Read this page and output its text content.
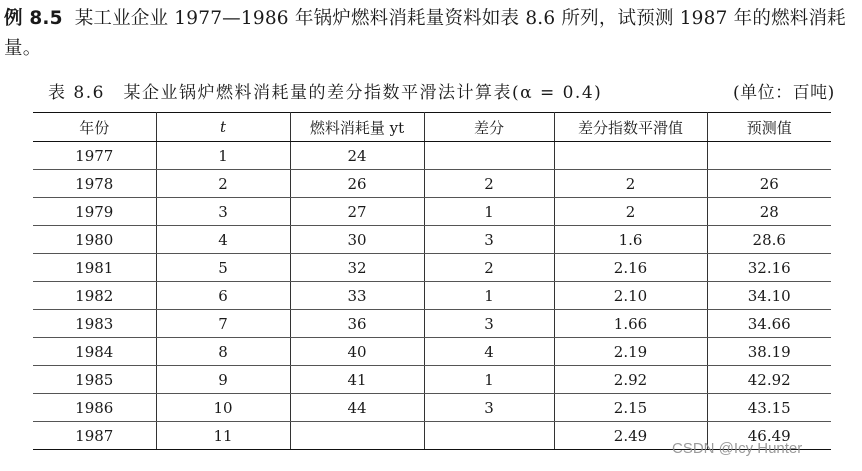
例 8.5 某工业企业 1977—1986 年锅炉燃料消耗量资料如表 8.6 所列，试预测 1987 年的燃料消耗量。
表 8.6　某企业锅炉燃料消耗量的差分指数平滑法计算表(α = 0.4)	(单位：百吨)
年份	t	燃料消耗量 yt	差分	差分指数平滑值	预测值
1977	1	24			
1978	2	26	2	2	26
1979	3	27	1	2	28
1980	4	30	3	1.6	28.6
1981	5	32	2	2.16	32.16
1982	6	33	1	2.10	34.10
1983	7	36	3	1.66	34.66
1984	8	40	4	2.19	38.19
1985	9	41	1	2.92	42.92
1986	10	44	3	2.15	43.15
1987	11			2.49	46.49
CSDN @Icy Hunter
